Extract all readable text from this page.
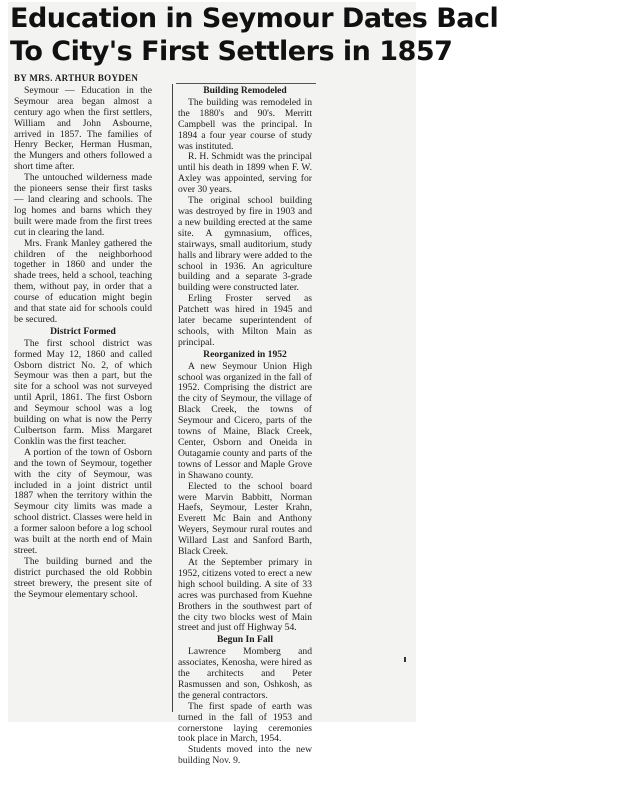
Education in Seymour Dates Bacl
To City's First Settlers in 1857
BY MRS. ARTHUR BOYDEN

Seymour — Education in the Seymour area began almost a century ago when the first settlers, William and John Asbourne, arrived in 1857. The families of Henry Becker, Herman Husman, the Mungers and others followed a short time after.

The untouched wilderness made the pioneers sense their first tasks — land clearing and schools. The log homes and barns which they built were made from the first trees cut in clearing the land.

Mrs. Frank Manley gathered the children of the neighborhood together in 1860 and under the shade trees, held a school, teaching them, without pay, in order that a course of education might begin and that state aid for schools could be secured.

District Formed

The first school district was formed May 12, 1860 and called Osborn district No. 2, of which Seymour was then a part, but the site for a school was not surveyed until April, 1861. The first Osborn and Seymour school was a log building on what is now the Perry Culbertson farm. Miss Margaret Conklin was the first teacher.

A portion of the town of Osborn and the town of Seymour, together with the city of Seymour, was included in a joint district until 1887 when the territory within the Seymour city limits was made a school district. Classes were held in a former saloon before a log school was built at the north end of Main street.

The building burned and the district purchased the old Robbin street brewery, the present site of the Seymour elementary school.

Building Remodeled

The building was remodeled in the 1880's and 90's. Merritt Campbell was the principal. In 1894 a four year course of study was instituted.

R. H. Schmidt was the principal until his death in 1899 when F. W. Axley was appointed, serving for over 30 years.

The original school building was destroyed by fire in 1903 and a new building erected at the same site. A gymnasium, offices, stairways, small auditorium, study halls and library were added to the school in 1936. An agriculture building and a separate 3-grade building were constructed later.

Erling Froster served as Patchett was hired in 1945 and later became superintendent of schools, with Milton Main as principal.

Reorganized in 1952

A new Seymour Union High school was organized in the fall of 1952. Comprising the district are the city of Seymour, the village of Black Creek, the towns of Seymour and Cicero, parts of the towns of Maine, Black Creek, Center, Osborn and Oneida in Outagamie county and parts of the towns of Lessor and Maple Grove in Shawano county.

Elected to the school board were Marvin Babbitt, Norman Haefs, Seymour, Lester Krahn, Everett Mc Bain and Anthony Weyers, Seymour rural routes and Willard Last and Sanford Barth, Black Creek.

At the September primary in 1952, citizens voted to erect a new high school building. A site of 33 acres was purchased from Kuehne Brothers in the southwest part of the city two blocks west of Main street and just off Highway 54.

Begun In Fall

Lawrence Momberg and associates, Kenosha, were hired as the architects and Peter Rasmussen and son, Oshkosh, as the general contractors.

The first spade of earth was turned in the fall of 1953 and cornerstone laying ceremonies took place in March, 1954.

Students moved into the new building Nov. 9.
